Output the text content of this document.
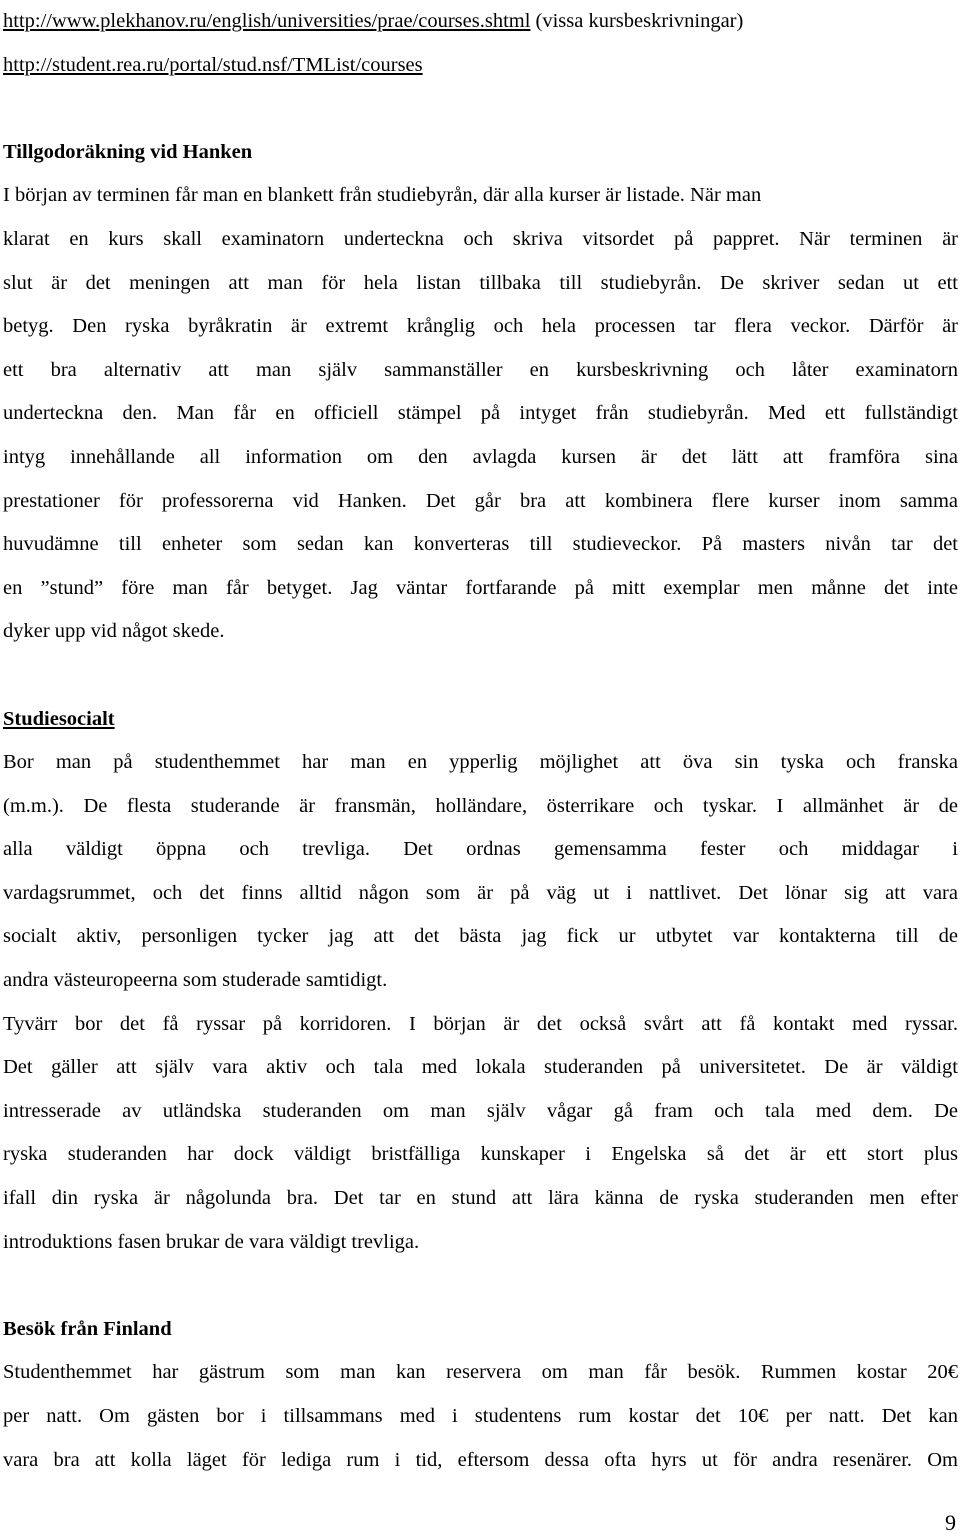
http://www.plekhanov.ru/english/universities/prae/courses.shtml (vissa kursbeskrivningar)
http://student.rea.ru/portal/stud.nsf/TMList/courses
Tillgodoräkning vid Hanken
I början av terminen får man en blankett från studiebyrån, där alla kurser är listade. När man
klarat en kurs skall examinatorn underteckna och skriva vitsordet på pappret. När terminen är
slut är det meningen att man för hela listan tillbaka till studiebyrån. De skriver sedan ut ett
betyg. Den ryska byråkratin är extremt krånglig och hela processen tar flera veckor. Därför är
ett bra alternativ att man själv sammanställer en kursbeskrivning och låter examinatorn
underteckna den. Man får en officiell stämpel på intyget från studiebyrån. Med ett fullständigt
intyg innehållande all information om den avlagda kursen är det lätt att framföra sina
prestationer för professorerna vid Hanken. Det går bra att kombinera flere kurser inom samma
huvudämne till enheter som sedan kan konverteras till studieveckor. På masters nivån tar det
en ”stund” före man får betyget. Jag väntar fortfarande på mitt exemplar men månne det inte
dyker upp vid något skede.
Studiesocialt
Bor man på studenthemmet har man en ypperlig möjlighet att öva sin tyska och franska
(m.m.). De flesta studerande är fransmän, holländare, österrikare och tyskar. I allmänhet är de
alla väldigt öppna och trevliga. Det ordnas gemensamma fester och middagar i
vardagsrummet, och det finns alltid någon som är på väg ut i nattlivet. Det lönar sig att vara
socialt aktiv, personligen tycker jag att det bästa jag fick ur utbytet var kontakterna till de
andra västeuropeerna som studerade samtidigt.
Tyvärr bor det få ryssar på korridoren. I början är det också svårt att få kontakt med ryssar.
Det gäller att själv vara aktiv och tala med lokala studeranden på universitetet. De är väldigt
intresserade av utländska studeranden om man själv vågar gå fram och tala med dem. De
ryska studeranden har dock väldigt bristfälliga kunskaper i Engelska så det är ett stort plus
ifall din ryska är någolunda bra. Det tar en stund att lära känna de ryska studeranden men efter
introduktions fasen brukar de vara väldigt trevliga.
Besök från Finland
Studenthemmet har gästrum som man kan reservera om man får besök. Rummen kostar 20€
per natt. Om gästen bor i tillsammans med i studentens rum kostar det 10€ per natt. Det kan
vara bra att kolla läget för lediga rum i tid, eftersom dessa ofta hyrs ut för andra resenärer. Om
9
